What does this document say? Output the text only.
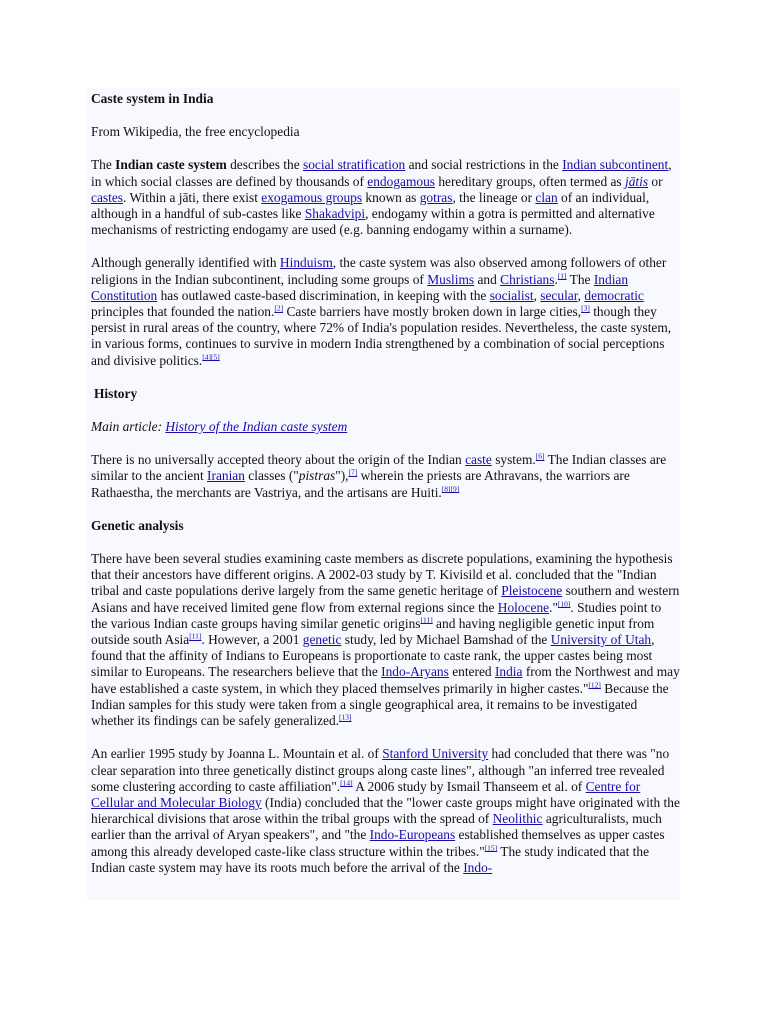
Caste system in India

From Wikipedia, the free encyclopedia

The Indian caste system describes the social stratification and social restrictions in the Indian subcontinent, in which social classes are defined by thousands of endogamous hereditary groups, often termed as jātis or castes. Within a jāti, there exist exogamous groups known as gotras, the lineage or clan of an individual, although in a handful of sub-castes like Shakadvipi, endogamy within a gotra is permitted and alternative mechanisms of restricting endogamy are used (e.g. banning endogamy within a surname).

Although generally identified with Hinduism, the caste system was also observed among followers of other religions in the Indian subcontinent, including some groups of Muslims and Christians.[1] The Indian Constitution has outlawed caste-based discrimination, in keeping with the socialist, secular, democratic principles that founded the nation.[2] Caste barriers have mostly broken down in large cities,[3] though they persist in rural areas of the country, where 72% of India's population resides. Nevertheless, the caste system, in various forms, continues to survive in modern India strengthened by a combination of social perceptions and divisive politics.[4][5]

History

Main article: History of the Indian caste system

There is no universally accepted theory about the origin of the Indian caste system.[6] The Indian classes are similar to the ancient Iranian classes ("pistras"),[7] wherein the priests are Athravans, the warriors are Rathaestha, the merchants are Vastriya, and the artisans are Huiti.[8][9]

Genetic analysis

There have been several studies examining caste members as discrete populations, examining the hypothesis that their ancestors have different origins. A 2002-03 study by T. Kivisild et al. concluded that the "Indian tribal and caste populations derive largely from the same genetic heritage of Pleistocene southern and western Asians and have received limited gene flow from external regions since the Holocene."[10]. Studies point to the various Indian caste groups having similar genetic origins[11] and having negligible genetic input from outside south Asia[11]. However, a 2001 genetic study, led by Michael Bamshad of the University of Utah, found that the affinity of Indians to Europeans is proportionate to caste rank, the upper castes being most similar to Europeans. The researchers believe that the Indo-Aryans entered India from the Northwest and may have established a caste system, in which they placed themselves primarily in higher castes."[12] Because the Indian samples for this study were taken from a single geographical area, it remains to be investigated whether its findings can be safely generalized.[13]

An earlier 1995 study by Joanna L. Mountain et al. of Stanford University had concluded that there was "no clear separation into three genetically distinct groups along caste lines", although "an inferred tree revealed some clustering according to caste affiliation".[14] A 2006 study by Ismail Thanseem et al. of Centre for Cellular and Molecular Biology (India) concluded that the "lower caste groups might have originated with the hierarchical divisions that arose within the tribal groups with the spread of Neolithic agriculturalists, much earlier than the arrival of Aryan speakers", and "the Indo-Europeans established themselves as upper castes among this already developed caste-like class structure within the tribes."[15] The study indicated that the Indian caste system may have its roots much before the arrival of the Indo-
